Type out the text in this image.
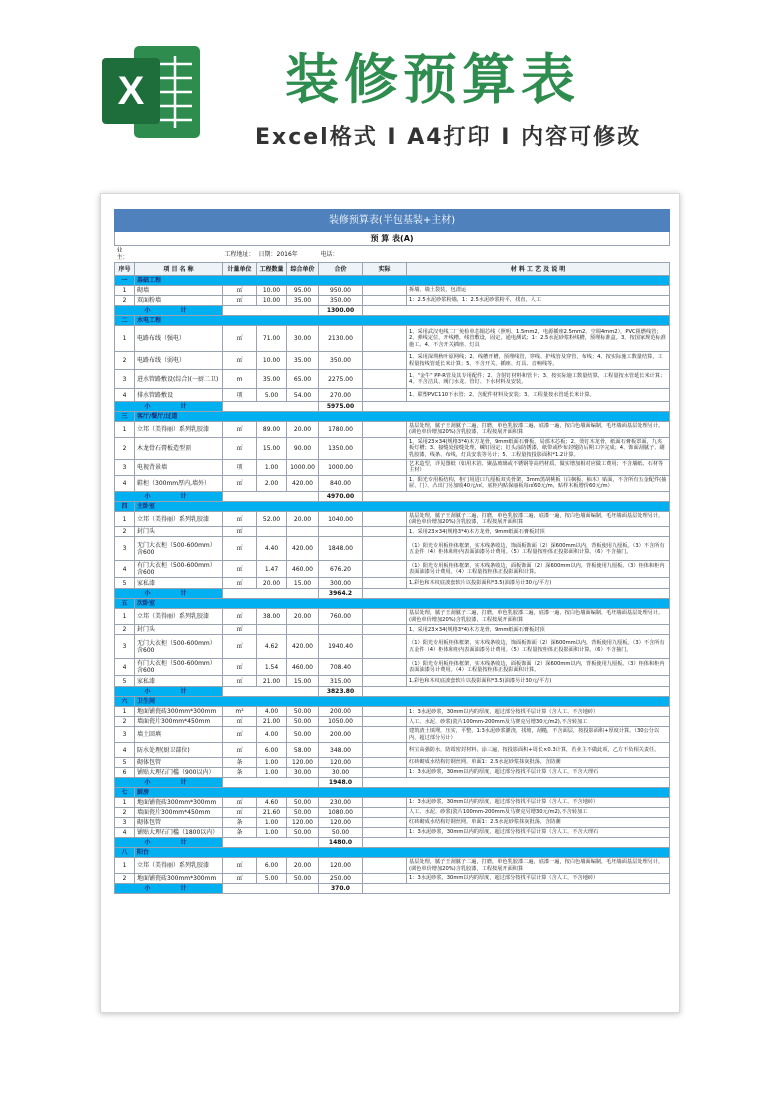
X	装修预算表
Excel格式 I A4打印 I 内容可修改
装修预算表(半包基装+主材)							
预 算 表(A)							
业主：	工程地址：		日期：2016年		电话：		
序号	项 目 名 称	计量单位	工程数量	综合单价	合价	实际	材 料 工 艺 及 说 明
一	基础工程						
1	砌墙	㎡	10.00	95.00	950.00		拆墙、墙土袋装，包清运
2	双面粉墙	㎡	10.00	35.00	350.00		1：2.5水泥砂浆粉墙，1：2.5水泥砂浆粉平，找直，人工
小　　计					1300.00		
二	水电工程						
1	电路布线（强电）	㎡	71.00	30.00	2130.00		1、采用武汉电线二厂免检单芯铜芯线（照明、1.5mm2，电源插座2.5mm2，空调4mm2），PVC阻燃线管；2、弹线定位，开线槽，线管敷设，固定，通电测试；1：2.5水泥砂浆粉线槽，预埋标准盒。3、按国家规范标准施工。4、不含开关插座、灯具
2	电路布线（弱电）	㎡	10.00	35.00	350.00		1、采用深圳秋叶原网线；2、线槽开槽，预埋线管，穿线、护线管及穿管，布线；4、按实际施工数量结算，工程量按线管延长米计算；5、不含开关、插座、灯具、音响线等。
3	进水管路敷设(综合)(一厨二卫)	m	35.00	65.00	2275.00		1、"金牛" PP-R管及其专用配件；2、含射钉材料和管卡；3、按实际施工数量结算，工程量按水管延长米计算；4、不含洁具、阀门水龙、管钉、下水材料及安装。
4	排水管路敷设	项	5.00	54.00	270.00		1、联塑PVC110下水管；2、含配件材料及安装；3、工程量按水管延长米计算。
小　　计					5975.00		
三	客厅/餐厅/过道						
1	立邦（美得丽）系列乳胶漆	㎡	89.00	20.00	1780.00		基层处理，腻子王刮腻子二遍，打磨，单色乳胶漆二遍，底漆一遍，按白色墙面编制，毛坯墙面基层处理另计。(调色单价增加20%)含乳胶漆，工程按展开面积算
2	木龙骨石膏板造型顶	㎡	15.00	90.00	1350.00		1、采用23×34(规格3*4)木方龙骨，9mm纸面石膏板，局部木芯板；2、烫钉木龙骨，纸面石膏板罩面，九夹板灯槽；3、接缝处接缝处理，螺钉固定；钉头涂防锈漆，纸带或纱布封缝防后期工序完成；4、饰面刮腻子、刷乳胶漆，线条、布线，灯具安装等另计；5、工程量按投影面积*1.2计算。
3	电视背景墙	项	1.00	1000.00	1000.00		艺术造型，详见图纸（如用木箔、聚晶玻璃或不锈钢等高档材质，做实增加相对应做工费用；不含墙纸、石材等主材）
4	鞋柜（300mm厚内,墙外）	㎡	2.00	420.00	840.00		1、阳光专用板结构，柜门用进口九厘板双夹骨架，3mm黑胡桃板（白枫板、柚木）贴面，不含所有五金配件(抽屉、门）、凸出门另加收40元/㎡，底柜内贴保丽板每㎡60元/m，贴样木板增价60元/m）
小　　计					4970.00		
四	主卧室						
1	立邦（美得丽）系列乳胶漆	㎡	52.00	20.00	1040.00		基层处理，腻子王刮腻子二遍，打磨，单色乳胶漆二遍，底漆一遍，按白色墙面编制，毛坯墙面基层处理另计。(调色单价增加20%)含乳胶漆，工程按展开面积算
2	封门头	㎡					1、采用23×34(规格3*4)木方龙骨，9mm纸面石膏板封顶
3	无门大衣柜（500-600mm）含600	㎡	4.40	420.00	1848.00		（1）阳光专用板柜体框架，实木线条收边，饰面板饰面（2）深600mm以内，背板使用九厘板。（3）不含所有五金件（4）柜体和柜内表面油漆另计费用。（5）工程量按柜体正投影面积计算。（6）不含抽门。
4	有门大衣柜（500-600mm）含600	㎡	1.47	460.00	676.20		（1）阳光专用板柜体框架，实木线条收边，面板饰面（2）深600mm以内，背板使用九厘板。（3）柜体和柜内表面油漆另计费用。（4）工程量按柜体正投影面积计算。
5	家私漆	㎡	20.00	15.00	300.00		1,彩色和木纹底波套软片以投影面积*3.5(油漆另计30元/平方)
小　　计					3964.2		
五	次卧室						
1	立邦（美得丽）系列乳胶漆	㎡	38.00	20.00	760.00		基层处理，腻子王刮腻子二遍，打磨，单色乳胶漆二遍，底漆一遍，按白色墙面编制，毛坯墙面基层处理另计。(调色单价增加20%)含乳胶漆，工程按展开面积算
2	封门头	㎡					1、采用23×34(规格3*4)木方龙骨，9mm纸面石膏板封顶
3	无门大衣柜（500-600mm）含600	㎡	4.62	420.00	1940.40		（1）阳光专用板柜体框架，实木线条收边，饰面板饰面（2）深600mm以内，背板使用九厘板。（3）不含所有五金件（4）柜体和柜内表面油漆另计费用。（5）工程量按柜体正投影面积计算。（6）不含抽门。
4	有门大衣柜（500-600mm）含600	㎡	1.54	460.00	708.40		（1）阳光专用板柜体框架，实木线条收边，面板饰面（2）深600mm以内，背板使用九厘板。（3）柜体和柜内表面油漆另计费用。（4）工程量按柜体正投影面积计算。
5	家私漆	㎡	21.00	15.00	315.00		1,彩色和木纹底波套软片以投影面积*3.5(油漆另计30元/平方)
小　　计					3823.80		
六	卫生间						
1	地面铺瓷砖300mm*300mm	m²	4.00	50.00	200.00		1：3水泥砂浆，30mm以内的厚度，超过部分按找平层计算（含人工、不含地砖）
2	墙面瓷片300mm*450mm	㎡	21.00	50.00	1050.00		人工、水泥、砂浆(瓷片100mm-200mm及马赛克另增30元/m2),不含转加工
3	墙土回填	㎡	4.00	50.00	200.00		建筑渣土填埋，压实，平整，1:3水泥砂浆灌浇，找坡，刮糙，不含面层，按投影面积+厚度计算。（30公分以内，超过部分另计）
4	防水处理(厨卫部位)	㎡	6.00	58.00	348.00		科宝高强防水，防霉密封材料，涂三遍，按投影面积+周长×0.3计算，若业主不做此项，乙方不负相关责任。
5	砌体包管	条	1.00	120.00	120.00		红砖砌成水结构钉钢丝网，单面1：2.5水泥砂浆抹灰批荡，含防潮
6	铺贴大理石门槛（900以内）	条	1.00	30.00	30.00		1：3水泥砂浆，30mm以内的厚度，超过部分按找平层计算（含人工，不含大理石
小　　计					1948.0		
七	厨房						
1	地面铺瓷砖300mm*300mm	㎡	4.60	50.00	230.00		1：3水泥砂浆，30mm以内的厚度，超过部分按找平层计算（含人工、不含地砖）
2	墙面瓷片300mm*450mm	㎡	21.60	50.00	1080.00		人工、水泥、砂浆(瓷片100mm-200mm及马赛克另增30元/m2),不含转加工
3	砌体包管	条	1.00	120.00	120.00		红砖砌成水结构钉钢丝网，单面1：2.5水泥砂浆抹灰批荡，含防潮
4	铺贴大理石门槛（1800以内）	条	1.00	50.00	50.00		1：3水泥砂浆，30mm以内的厚度，超过部分按找平层计算（含人工，不含大理石
小　　计					1480.0		
八	阳台						
1	立邦（美得丽）系列乳胶漆	㎡	6.00	20.00	120.00		基层处理，腻子王刮腻子二遍，打磨，单色乳胶漆二遍，底漆一遍，按白色墙面编制，毛坯墙面基层处理另计。(调色单价增加20%)含乳胶漆，工程按展开面积算
2	地面铺瓷砖300mm*300mm	㎡	5.00	50.00	250.00		1：3水泥砂浆，30mm以内的厚度，超过部分按找平层计算（含人工，不含地砖）
小　　计					370.0		
